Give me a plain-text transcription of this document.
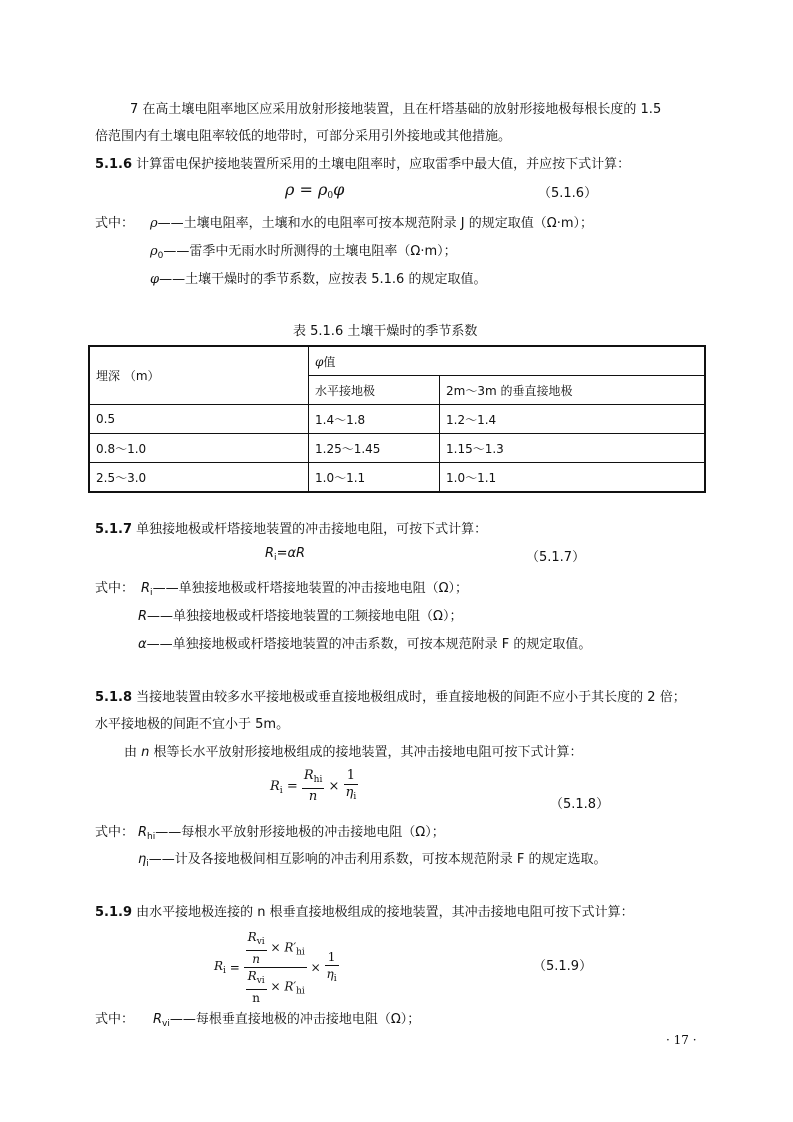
7 在高土壤电阻率地区应采用放射形接地装置，且在杆塔基础的放射形接地极每根长度的 1.5
倍范围内有土壤电阻率较低的地带时，可部分采用引外接地或其他措施。
5.1.6 计算雷电保护接地装置所采用的土壤电阻率时，应取雷季中最大值，并应按下式计算：
$\rho = \rho_0\varphi$	（5.1.6）
式中： ρ——土壤电阻率，土壤和水的电阻率可按本规范附录 J 的规定取值（Ω·m）；
$\rho_0——$雷季中无雨水时所测得的土壤电阻率（Ω·m）；
φ——土壤干燥时的季节系数，应按表 5.1.6 的规定取值。
表 5.1.6 土壤干燥时的季节系数
埋深 （m）	φ值	
	水平接地极	2m～3m 的垂直接地极
0.5	1.4～1.8	1.2～1.4
0.8～1.0	1.25～1.45	1.15～1.3
2.5～3.0	1.0～1.1	1.0～1.1
5.1.7 单独接地极或杆塔接地装置的冲击接地电阻，可按下式计算：
$R_i=\alpha R$	（5.1.7）
式中： $R_i——$单独接地极或杆塔接地装置的冲击接地电阻（Ω）；
R——单独接地极或杆塔接地装置的工频接地电阻（Ω）；
α——单独接地极或杆塔接地装置的冲击系数，可按本规范附录 F 的规定取值。
5.1.8 当接地装置由较多水平接地极或垂直接地极组成时，垂直接地极的间距不应小于其长度的 2 倍；
水平接地极的间距不宜小于 5m。
由 n 根等长水平放射形接地极组成的接地装置，其冲击接地电阻可按下式计算：
$R_i = \frac{R_{hi}}{n} \times \frac{1}{\eta_i}$	（5.1.8）
式中： $R_{hi}——$每根水平放射形接地极的冲击接地电阻（Ω）；
$\eta_i——$计及各接地极间相互影响的冲击利用系数，可按本规范附录 F 的规定选取。
5.1.9 由水平接地极连接的 n 根垂直接地极组成的接地装置，其冲击接地电阻可按下式计算：
$R_i = \frac{\frac{R_{vi}}{n} \times R'_{hi}}{\frac{R_{vi}}{n} \times R'_{hi}} \times \frac{1}{\eta_i}$	（5.1.9）
式中： $R_{vi}——$每根垂直接地极的冲击接地电阻（Ω）；
· 17 ·
